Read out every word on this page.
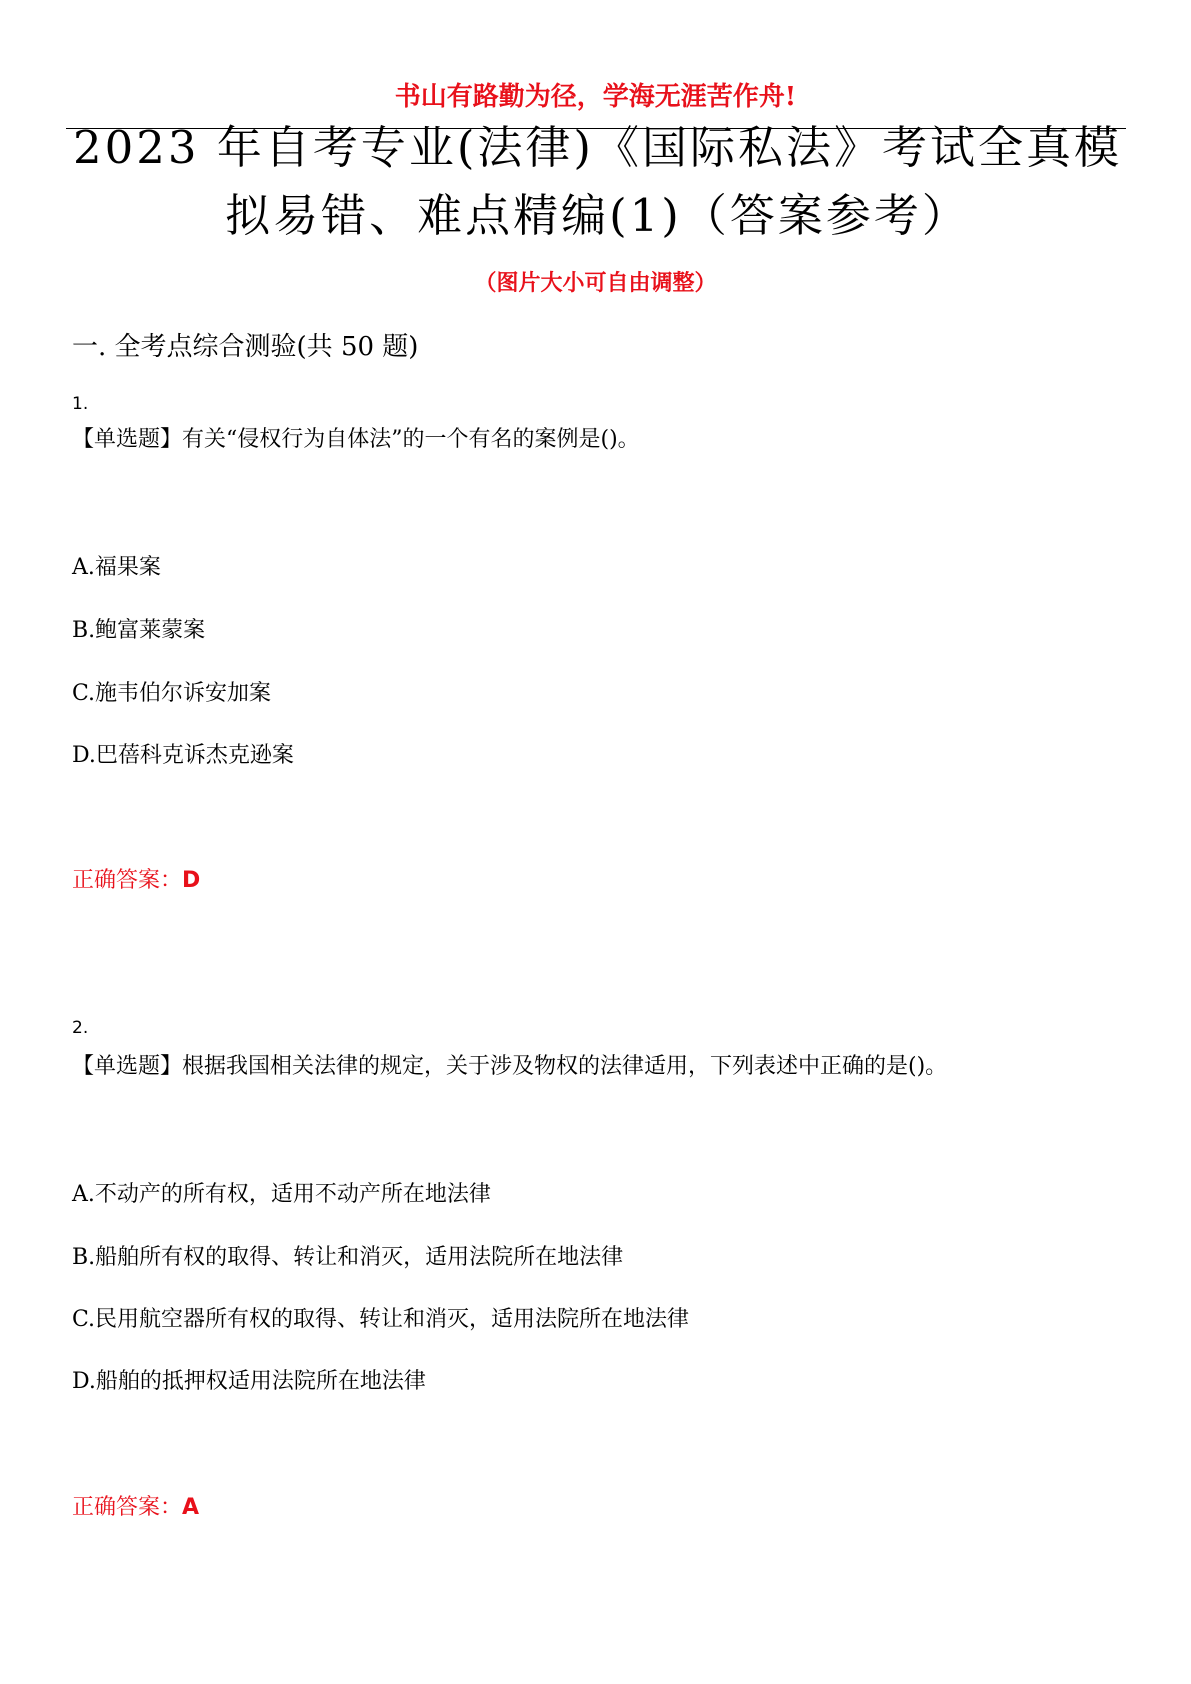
书山有路勤为径，学海无涯苦作舟!
2023 年自考专业(法律)《国际私法》考试全真模
拟易错、难点精编(1)（答案参考）
（图片大小可自由调整）
一. 全考点综合测验(共 50 题)
1.
【单选题】有关“侵权行为自体法”的一个有名的案例是()。
A.福果案
B.鲍富莱蒙案
C.施韦伯尔诉安加案
D.巴蓓科克诉杰克逊案
正确答案：D
2.
【单选题】根据我国相关法律的规定，关于涉及物权的法律适用，下列表述中正确的是()。
A.不动产的所有权，适用不动产所在地法律
B.船舶所有权的取得、转让和消灭，适用法院所在地法律
C.民用航空器所有权的取得、转让和消灭，适用法院所在地法律
D.船舶的抵押权适用法院所在地法律
正确答案：A
